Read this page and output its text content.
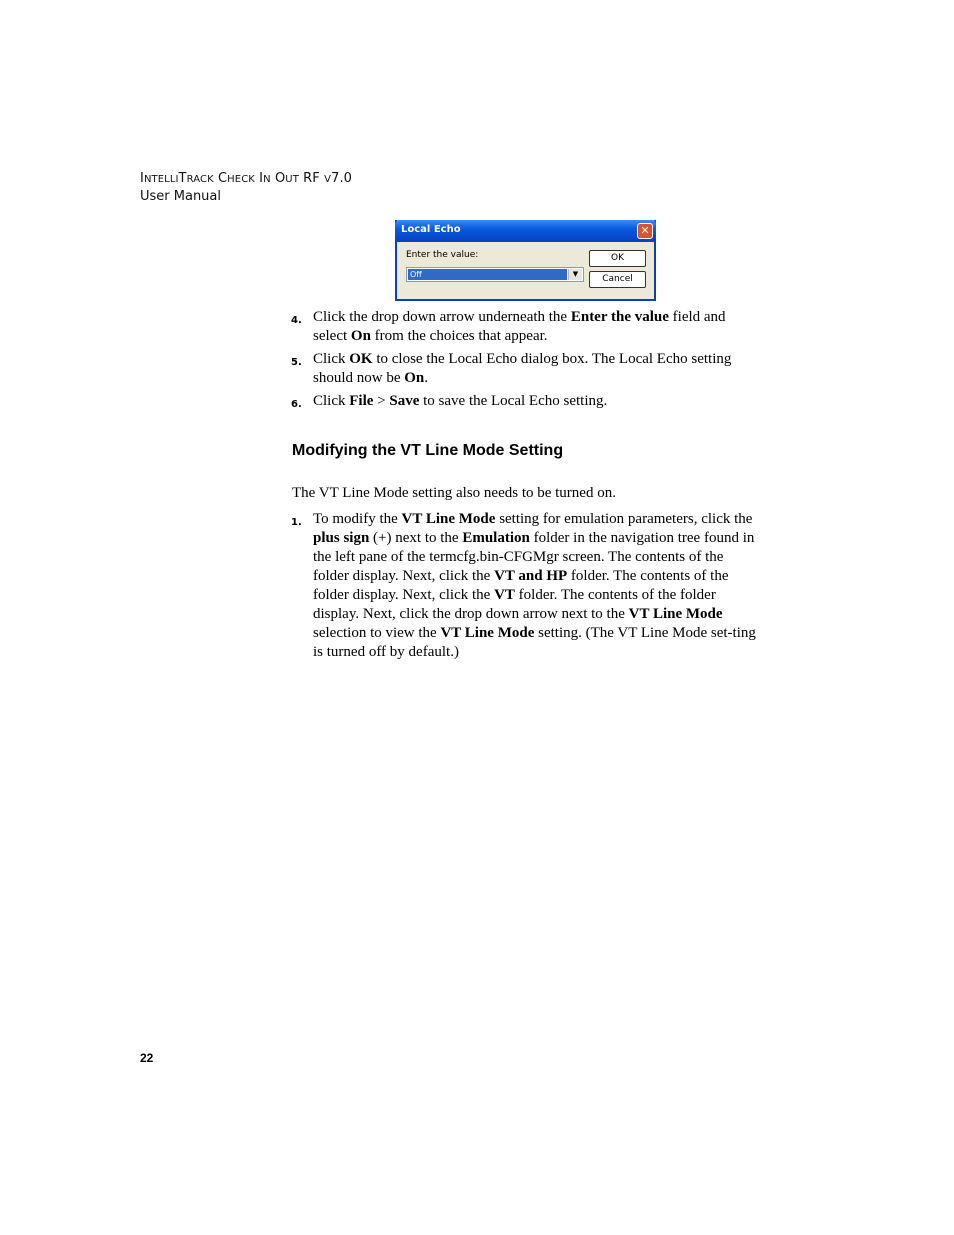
INTELLITRACK CHECK IN OUT RF V7.0
User Manual
Local Echo	✕
Enter the value:
Off	▼
OK
Cancel
4. Click the drop down arrow underneath the Enter the value field and select On from the choices that appear.
5. Click OK to close the Local Echo dialog box. The Local Echo setting should now be On.
6. Click File > Save to save the Local Echo setting.
Modifying the VT Line Mode Setting

The VT Line Mode setting also needs to be turned on.

1. To modify the VT Line Mode setting for emulation parameters, click the plus sign (+) next to the Emulation folder in the navigation tree found in the left pane of the termcfg.bin-CFGMgr screen. The contents of the folder display. Next, click the VT and HP folder. The contents of the folder display. Next, click the VT folder. The contents of the folder display. Next, click the drop down arrow next to the VT Line Mode selection to view the VT Line Mode setting. (The VT Line Mode set-ting is turned off by default.)
22
